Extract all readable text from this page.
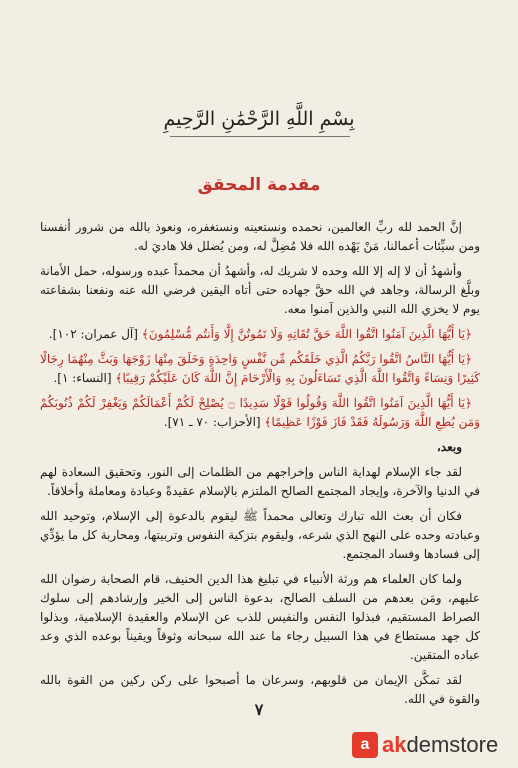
بِسْمِ اللَّهِ الرَّحْمَٰنِ الرَّحِيمِ
مقدمة المحقق

إنَّ الحمد لله ربِّ العالمين، نحمده ونستعينه ونستغفره، ونعوذ بالله من شرور أنفسنا ومن سيِّئات أعمالنا، مَنْ يَهْده الله فلا مُضِلَّ له، ومن يُضلل فلا هاديَ له.

وأشهدُ أن لا إله إلا الله وحده لا شريك له، وأشهدُ أن محمداً عبده ورسوله، حمل الأمانة وبلَّغ الرسالة، وجاهد في الله حقَّ جهاده حتى أتاه اليقين فرضي الله عنه ونفعنا بشفاعته يوم لا يخزي الله النبي والذين آمنوا معه.

﴿يَا أَيُّهَا الَّذِينَ آمَنُوا اتَّقُوا اللَّهَ حَقَّ تُقَاتِهِ وَلَا تَمُوتُنَّ إِلَّا وَأَنتُم مُّسْلِمُونَ﴾ [آل عمران: ١٠٢].

﴿يَا أَيُّهَا النَّاسُ اتَّقُوا رَبَّكُمُ الَّذِي خَلَقَكُم مِّن نَّفْسٍ وَاحِدَةٍ وَخَلَقَ مِنْهَا زَوْجَهَا وَبَثَّ مِنْهُمَا رِجَالًا كَثِيرًا وَنِسَاءً وَاتَّقُوا اللَّهَ الَّذِي تَسَاءَلُونَ بِهِ وَالْأَرْحَامَ إِنَّ اللَّهَ كَانَ عَلَيْكُمْ رَقِيبًا﴾ [النساء: ١].

﴿يَا أَيُّهَا الَّذِينَ آمَنُوا اتَّقُوا اللَّهَ وَقُولُوا قَوْلًا سَدِيدًا ۝ يُصْلِحْ لَكُمْ أَعْمَالَكُمْ وَيَغْفِرْ لَكُمْ ذُنُوبَكُمْ وَمَن يُطِعِ اللَّهَ وَرَسُولَهُ فَقَدْ فَازَ فَوْزًا عَظِيمًا﴾ [الأحزاب: ٧٠ ـ ٧١].

وبعد،

لقد جاء الإسلام لهداية الناس وإخراجهم من الظلمات إلى النور، وتحقيق السعادة لهم في الدنيا والآخرة، وإيجاد المجتمع الصالح الملتزم بالإسلام عقيدةً وعبادة ومعاملة وأخلاقاً.

فكان أن بعث الله تبارك وتعالى محمداً ﷺ ليقوم بالدعوة إلى الإسلام، وتوحيد الله وعبادته وحده على النهج الذي شرعه، وليقوم بتزكية النفوس وتربيتها، ومحاربة كل ما يؤدِّي إلى فسادها وفساد المجتمع.

ولما كان العلماء هم ورثة الأنبياء في تبليغ هذا الدين الحنيف، قام الصحابة رضوان الله عليهم، ومَن بعدهم من السلف الصالح، بدعوة الناس إلى الخير وإرشادهم إلى سلوك الصراط المستقيم، فبذلوا النفس والنفيس للذب عن الإسلام والعقيدة الإسلامية، وبذلوا كل جهد مستطاع في هذا السبيل رجاء ما عند الله سبحانه وثوقاً ويقيناً بوعده الذي وعد عباده المتقين.

لقد تمكَّن الإيمان من قلوبهم، وسرعان ما أصبحوا على ركن ركين من القوة بالله والقوة في الله.

٧
a akdemstore
